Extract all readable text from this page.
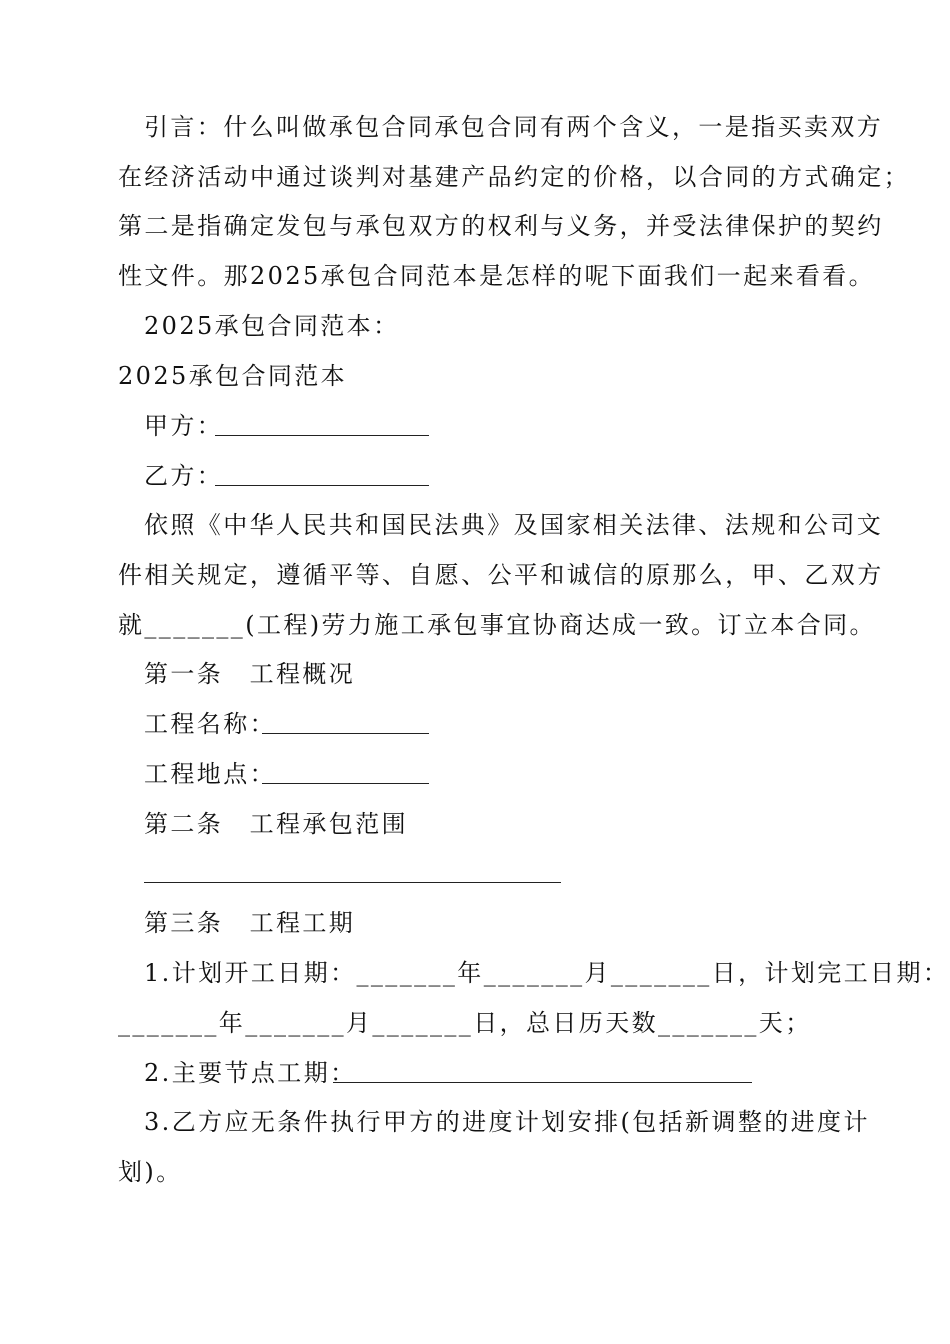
引言：什么叫做承包合同承包合同有两个含义，一是指买卖双方
在经济活动中通过谈判对基建产品约定的价格，以合同的方式确定；
第二是指确定发包与承包双方的权利与义务，并受法律保护的契约
性文件。那2025承包合同范本是怎样的呢下面我们一起来看看。
2025承包合同范本：
2025承包合同范本
甲方：
乙方：
依照《中华人民共和国民法典》及国家相关法律、法规和公司文
件相关规定，遵循平等、自愿、公平和诚信的原那么，甲、乙双方
就_______(工程)劳力施工承包事宜协商达成一致。订立本合同。
第一条　工程概况
工程名称：
工程地点：
第二条　工程承包范围
第三条　工程工期
1.计划开工日期：_______年_______月_______日，计划完工日期：
_______年_______月_______日，总日历天数_______天；
2.主要节点工期：
3.乙方应无条件执行甲方的进度计划安排(包括新调整的进度计
划)。
